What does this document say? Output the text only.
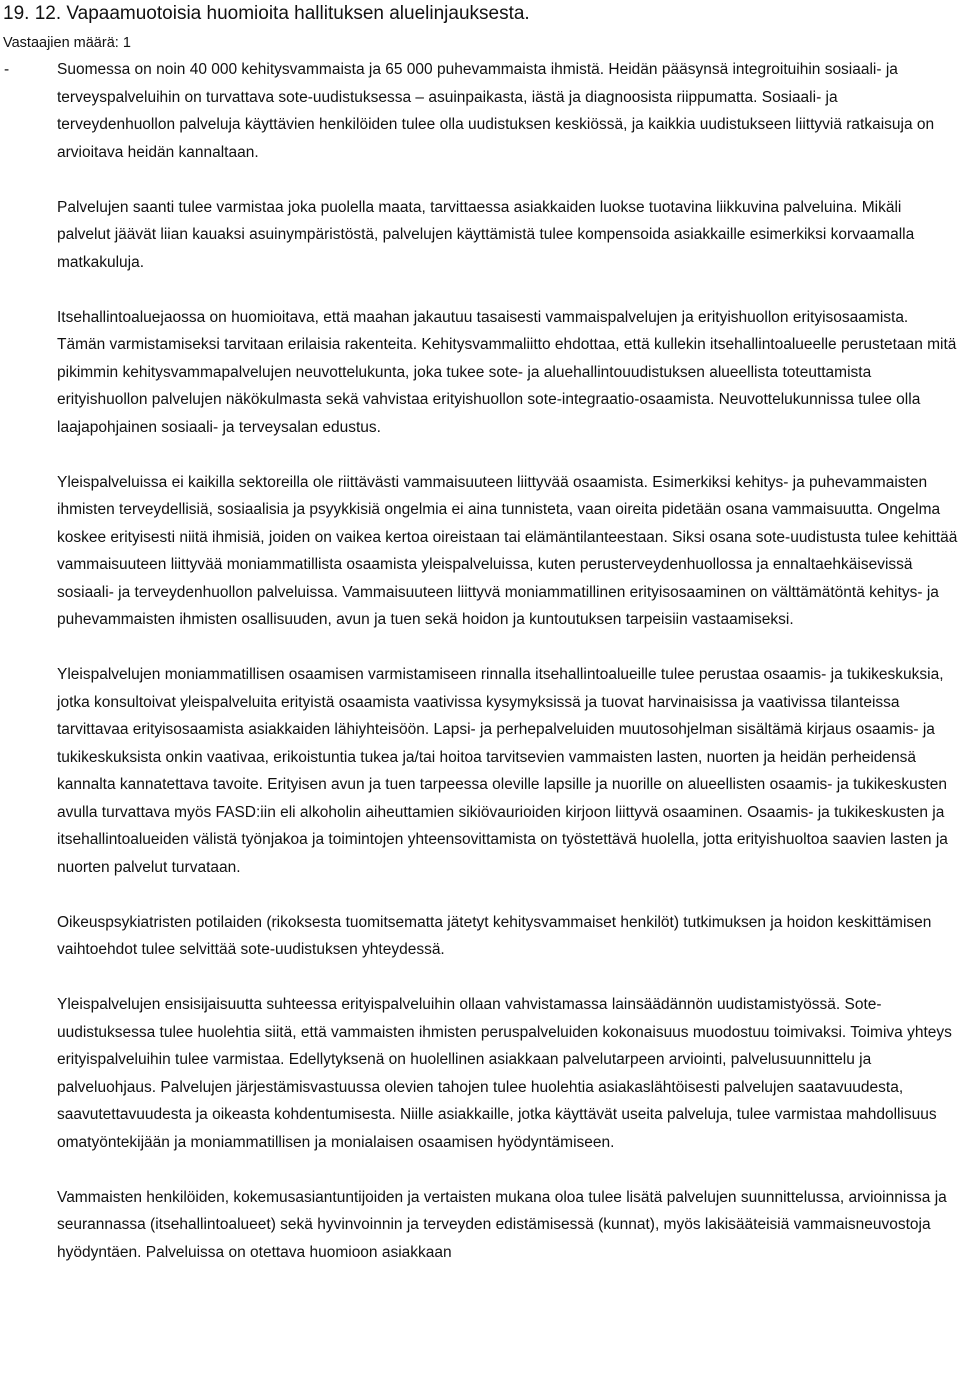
19. 12. Vapaamuotoisia huomioita hallituksen aluelinjauksesta.
Vastaajien määrä: 1
-	Suomessa on noin 40 000 kehitysvammaista ja 65 000 puhevammaista ihmistä. Heidän pääsynsä integroituihin sosiaali- ja terveyspalveluihin on turvattava sote-uudistuksessa – asuinpaikasta, iästä ja diagnoosista riippumatta. Sosiaali- ja terveydenhuollon palveluja käyttävien henkilöiden tulee olla uudistuksen keskiössä, ja kaikkia uudistukseen liittyviä ratkaisuja on arvioitava heidän kannaltaan.

Palvelujen saanti tulee varmistaa joka puolella maata, tarvittaessa asiakkaiden luokse tuotavina liikkuvina palveluina. Mikäli palvelut jäävät liian kauaksi asuinympäristöstä, palvelujen käyttämistä tulee kompensoida asiakkaille esimerkiksi korvaamalla matkakuluja.

Itsehallintoaluejaossa on huomioitava, että maahan jakautuu tasaisesti vammaispalvelujen ja erityishuollon erityisosaamista. Tämän varmistamiseksi tarvitaan erilaisia rakenteita. Kehitysvammaliitto ehdottaa, että kullekin itsehallintoalueelle perustetaan mitä pikimmin kehitysvammapalvelujen neuvottelukunta, joka tukee sote- ja aluehallintouudistuksen alueellista toteuttamista erityishuollon palvelujen näkökulmasta sekä vahvistaa erityishuollon sote-integraatio-osaamista. Neuvottelukunnissa tulee olla laajapohjainen sosiaali- ja terveysalan edustus.

Yleispalveluissa ei kaikilla sektoreilla ole riittävästi vammaisuuteen liittyvää osaamista. Esimerkiksi kehitys- ja puhevammaisten ihmisten terveydellisiä, sosiaalisia ja psyykkisiä ongelmia ei aina tunnisteta, vaan oireita pidetään osana vammaisuutta. Ongelma koskee erityisesti niitä ihmisiä, joiden on vaikea kertoa oireistaan tai elämäntilanteestaan. Siksi osana sote-uudistusta tulee kehittää vammaisuuteen liittyvää moniammatillista osaamista yleispalveluissa, kuten perusterveydenhuollossa ja ennaltaehkäisevissä sosiaali- ja terveydenhuollon palveluissa. Vammaisuuteen liittyvä moniammatillinen erityisosaaminen on välttämätöntä kehitys- ja puhevammaisten ihmisten osallisuuden, avun ja tuen sekä hoidon ja kuntoutuksen tarpeisiin vastaamiseksi.

Yleispalvelujen moniammatillisen osaamisen varmistamiseen rinnalla itsehallintoalueille tulee perustaa osaamis- ja tukikeskuksia, jotka konsultoivat yleispalveluita erityistä osaamista vaativissa kysymyksissä ja tuovat harvinaisissa ja vaativissa tilanteissa tarvittavaa erityisosaamista asiakkaiden lähiyhteisöön. Lapsi- ja perhepalveluiden muutosohjelman sisältämä kirjaus osaamis- ja tukikeskuksista onkin vaativaa, erikoistuntia tukea ja/tai hoitoa tarvitsevien vammaisten lasten, nuorten ja heidän perheidensä kannalta kannatettava tavoite. Erityisen avun ja tuen tarpeessa oleville lapsille ja nuorille on alueellisten osaamis- ja tukikeskusten avulla turvattava myös FASD:iin eli alkoholin aiheuttamien sikiövaurioiden kirjoon liittyvä osaaminen. Osaamis- ja tukikeskusten ja itsehallintoalueiden välistä työnjakoa ja toimintojen yhteensovittamista on työstettävä huolella, jotta erityishuoltoa saavien lasten ja nuorten palvelut turvataan.

Oikeuspsykiatristen potilaiden (rikoksesta tuomitsematta jätetyt kehitysvammaiset henkilöt) tutkimuksen ja hoidon keskittämisen vaihtoehdot tulee selvittää sote-uudistuksen yhteydessä.

Yleispalvelujen ensisijaisuutta suhteessa erityispalveluihin ollaan vahvistamassa lainsäädännön uudistamistyössä. Sote-uudistuksessa tulee huolehtia siitä, että vammaisten ihmisten peruspalveluiden kokonaisuus muodostuu toimivaksi. Toimiva yhteys erityispalveluihin tulee varmistaa. Edellytyksenä on huolellinen asiakkaan palvelutarpeen arviointi, palvelusuunnittelu ja palveluohjaus. Palvelujen järjestämisvastuussa olevien tahojen tulee huolehtia asiakaslähtöisesti palvelujen saatavuudesta, saavutettavuudesta ja oikeasta kohdentumisesta. Niille asiakkaille, jotka käyttävät useita palveluja, tulee varmistaa mahdollisuus omatyöntekijään ja moniammatillisen ja monialaisen osaamisen hyödyntämiseen.

Vammaisten henkilöiden, kokemusasiantuntijoiden ja vertaisten mukana oloa tulee lisätä palvelujen suunnittelussa, arvioinnissa ja seurannassa (itsehallintoalueet) sekä hyvinvoinnin ja terveyden edistämisessä (kunnat), myös lakisääteisiä vammaisneuvostoja hyödyntäen. Palveluissa on otettava huomioon asiakkaan
